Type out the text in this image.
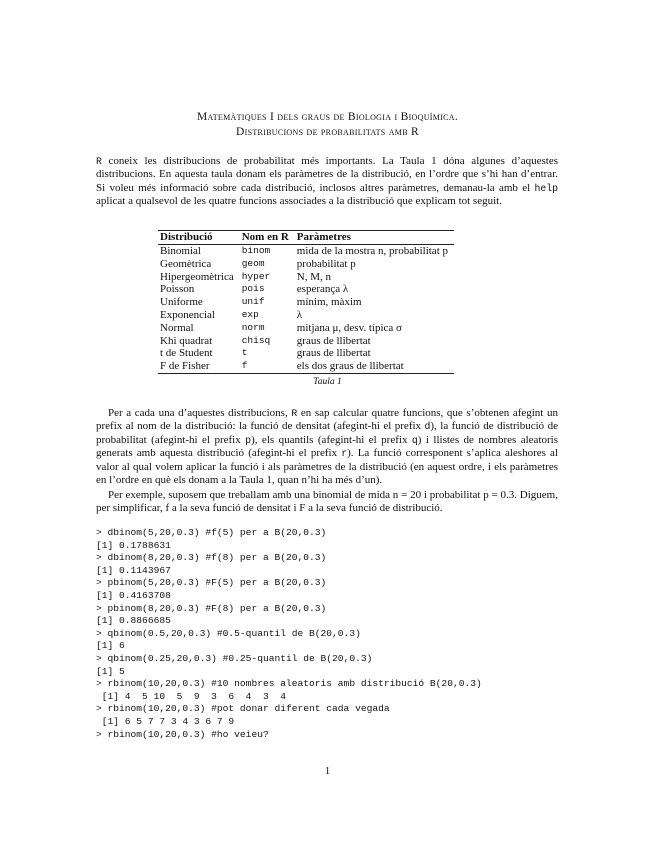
Matemàtiques I dels graus de Biologia i Bioquímica.
Distribucions de probabilitats amb R
R coneix les distribucions de probabilitat més importants. La Taula 1 dóna algunes d’aquestes distribucions. En aquesta taula donam els paràmetres de la distribució, en l’ordre que s’hi han d’entrar. Si voleu més informació sobre cada distribució, inclosos altres paràmetres, demanau-la amb el help aplicat a qualsevol de les quatre funcions associades a la distribució que explicam tot seguit.
Distribució	Nom en R	Paràmetres
Binomial	binom	mida de la mostra n, probabilitat p
Geomètrica	geom	probabilitat p
Hipergeomètrica	hyper	N, M, n
Poisson	pois	esperança λ
Uniforme	unif	mínim, màxim
Exponencial	exp	λ
Normal	norm	mitjana μ, desv. típica σ
Khi quadrat	chisq	graus de llibertat
t de Student	t	graus de llibertat
F de Fisher	f	els dos graus de llibertat
Taula 1
Per a cada una d’aquestes distribucions, R en sap calcular quatre funcions, que s’obtenen afegint un prefix al nom de la distribució: la funció de densitat (afegint-hi el prefix d), la funció de distribució de probabilitat (afegint-hi el prefix p), els quantils (afegint-hi el prefix q) i llistes de nombres aleatoris generats amb aquesta distribució (afegint-hi el prefix r). La funció corresponent s’aplica aleshores al valor al qual volem aplicar la funció i als paràmetres de la distribució (en aquest ordre, i els paràmetres en l’ordre en què els donam a la Taula 1, quan n’hi ha més d’un).
Per exemple, suposem que treballam amb una binomial de mida n = 20 i probabilitat p = 0.3. Diguem, per simplificar, f a la seva funció de densitat i F a la seva funció de distribució.
> dbinom(5,20,0.3) #f(5) per a B(20,0.3)
[1] 0.1788631
> dbinom(8,20,0.3) #f(8) per a B(20,0.3)
[1] 0.1143967
> pbinom(5,20,0.3) #F(5) per a B(20,0.3)
[1] 0.4163708
> pbinom(8,20,0.3) #F(8) per a B(20,0.3)
[1] 0.8866685
> qbinom(0.5,20,0.3) #0.5-quantil de B(20,0.3)
[1] 6
> qbinom(0.25,20,0.3) #0.25-quantil de B(20,0.3)
[1] 5
> rbinom(10,20,0.3) #10 nombres aleatoris amb distribució B(20,0.3)
[1] 4  5 10  5  9  3  6  4  3  4
> rbinom(10,20,0.3) #pot donar diferent cada vegada
[1] 6 5 7 7 3 4 3 6 7 9
> rbinom(10,20,0.3) #ho veieu?
1
